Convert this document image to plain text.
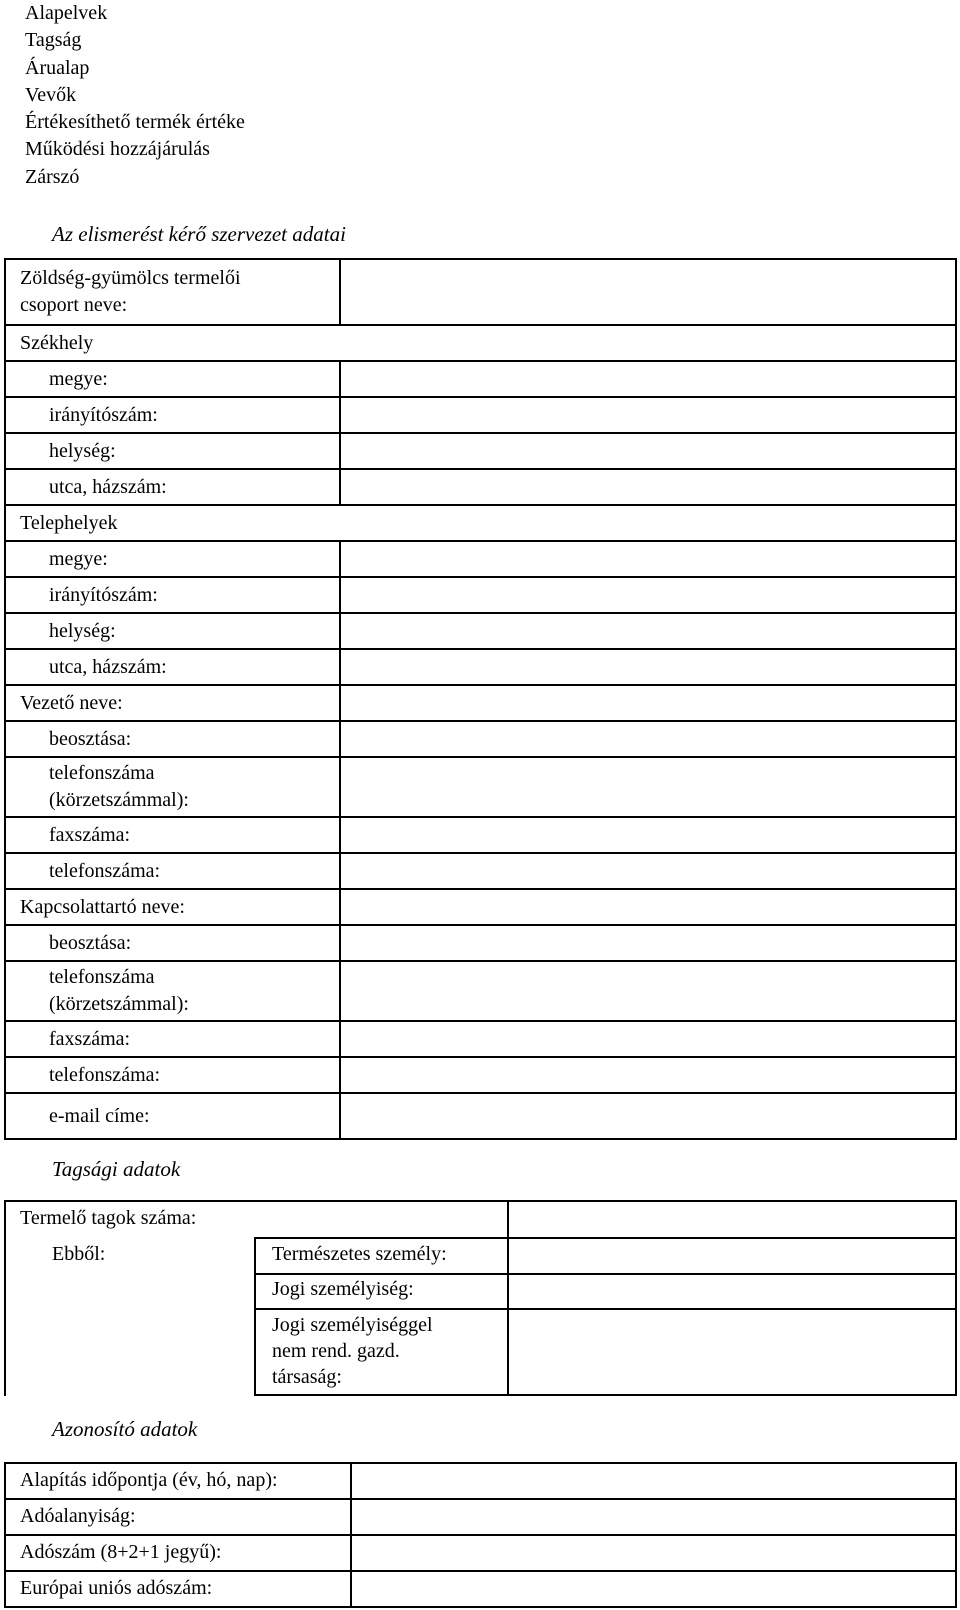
Alapelvek
Tagság
Árualap
Vevők
Értékesíthető termék értéke
Működési hozzájárulás
Zárszó
Az elismerést kérő szervezet adatai
Zöldség-gyümölcs termelői
csoport neve:
Székhely
megye:
irányítószám:
helység:
utca, házszám:
Telephelyek
megye:
irányítószám:
helység:
utca, házszám:
Vezető neve:
beosztása:
telefonszáma
(körzetszámmal):
faxszáma:
telefonszáma:
Kapcsolattartó neve:
beosztása:
telefonszáma
(körzetszámmal):
faxszáma:
telefonszáma:
e-mail címe:
Tagsági adatok
Termelő tagok száma:
Ebből:	Természetes személy:
Jogi személyiség:
Jogi személyiséggel
nem rend. gazd.
társaság:
Azonosító adatok
Alapítás időpontja (év, hó, nap):
Adóalanyiság:
Adószám (8+2+1 jegyű):
Európai uniós adószám:
